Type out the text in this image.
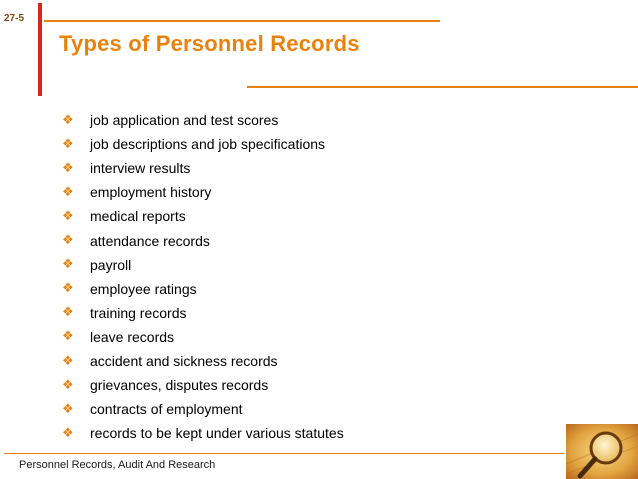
27-5
Types of Personnel Records
❖	job application and test scores
❖	job descriptions and job specifications
❖	interview results
❖	employment history
❖	medical reports
❖	attendance records
❖	payroll
❖	employee ratings
❖	training records
❖	leave records
❖	accident and sickness records
❖	grievances, disputes records
❖	contracts of employment
❖	records to be kept under various statutes
Personnel Records, Audit And Research
